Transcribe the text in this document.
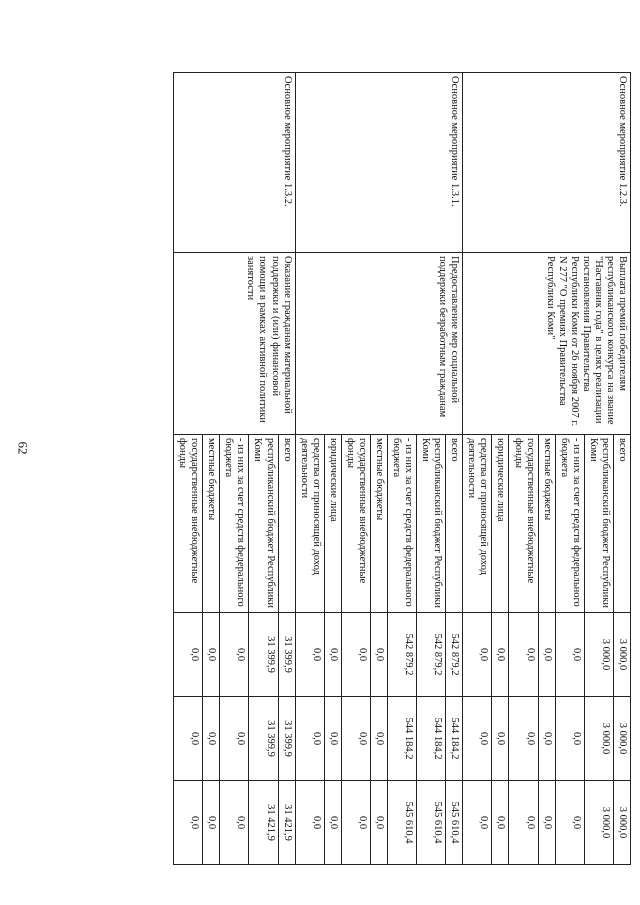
62
Основное мероприятие 1.2.3.	Выплата премий победителям республиканского конкурса на звание "Наставник года" в целях реализации постановления Правительства Республики Коми от 26 ноября 2007 г. N 277 "О премиях Правительства Республики Коми"	всего	3 000,0	3 000,0	3 000,0
		республиканский бюджет Республики Коми	3 000,0	3 000,0	3 000,0
		- из них за счет средств федерального бюджета	0,0	0,0	0,0
		местные бюджеты	0,0	0,0	0,0
		государственные внебюджетные фонды	0,0	0,0	0,0
		юридические лица	0,0	0,0	0,0
		средства от приносящей доход деятельности	0,0	0,0	0,0
Основное мероприятие 1.3.1.	Предоставление мер социальной поддержки безработным гражданам	всего	542 879,2	544 184,2	545 610,4
		республиканский бюджет Республики Коми	542 879,2	544 184,2	545 610,4
		- из них за счет средств федерального бюджета	542 879,2	544 184,2	545 610,4
		местные бюджеты	0,0	0,0	0,0
		государственные внебюджетные фонды	0,0	0,0	0,0
		юридические лица	0,0	0,0	0,0
		средства от приносящей доход деятельности	0,0	0,0	0,0
Основное мероприятие 1.3.2.	Оказание гражданам материальной поддержки и (или) финансовой помощи в рамках активной политики занятости	всего	31 399,9	31 399,9	31 421,9
		республиканский бюджет Республики Коми	31 399,9	31 399,9	31 421,9
		- из них за счет средств федерального бюджета	0,0	0,0	0,0
		местные бюджеты	0,0	0,0	0,0
		государственные внебюджетные фонды	0,0	0,0	0,0
